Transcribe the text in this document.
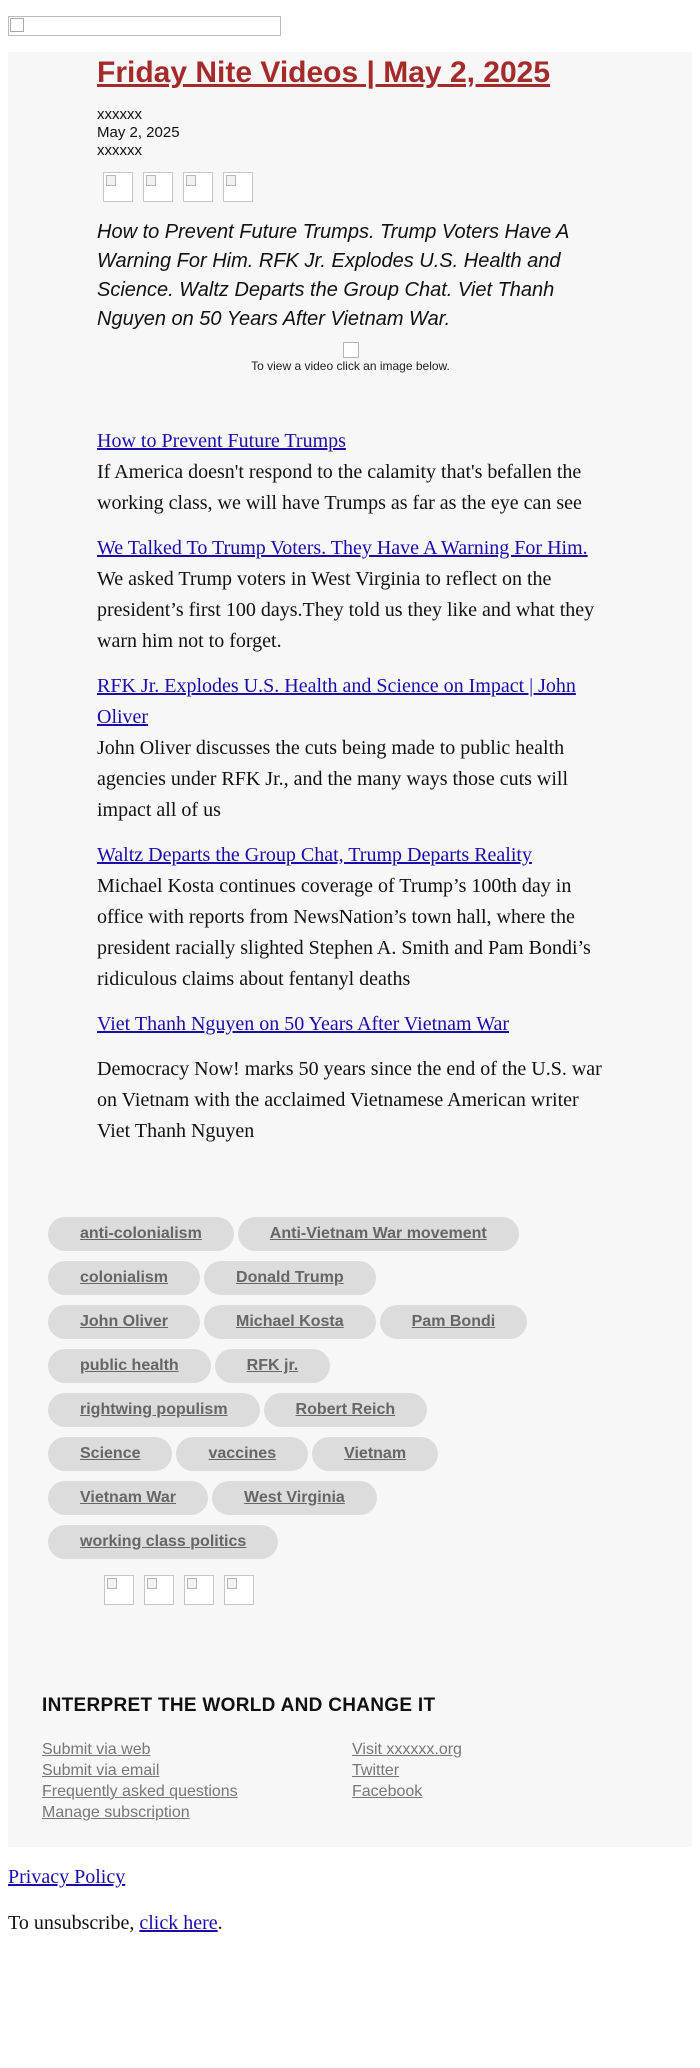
Friday Nite Videos | May 2, 2025
xxxxxx
May 2, 2025
xxxxxx

How to Prevent Future Trumps. Trump Voters Have A Warning For Him. RFK Jr. Explodes U.S. Health and Science. Waltz Departs the Group Chat. Viet Thanh Nguyen on 50 Years After Vietnam War.

To view a video click an image below.
How to Prevent Future Trumps

If America doesn't respond to the calamity that's befallen the working class, we will have Trumps as far as the eye can see

We Talked To Trump Voters. They Have A Warning For Him.

We asked Trump voters in West Virginia to reflect on the president’s first 100 days.They told us they like and what they warn him not to forget.

RFK Jr. Explodes U.S. Health and Science on Impact | John Oliver

John Oliver discusses the cuts being made to public health agencies under RFK Jr., and the many ways those cuts will impact all of us

Waltz Departs the Group Chat, Trump Departs Reality

Michael Kosta continues coverage of Trump’s 100th day in office with reports from NewsNation’s town hall, where the president racially slighted Stephen A. Smith and Pam Bondi’s ridiculous claims about fentanyl deaths

Viet Thanh Nguyen on 50 Years After Vietnam War

Democracy Now! marks 50 years since the end of the U.S. war on Vietnam with the acclaimed Vietnamese American writer Viet Thanh Nguyen

anti-colonialism	Anti-Vietnam War movement
colonialism	Donald Trump
John Oliver	Michael Kosta	Pam Bondi
public health	RFK jr.
rightwing populism	Robert Reich
Science	vaccines	Vietnam
Vietnam War	West Virginia
working class politics
INTERPRET THE WORLD AND CHANGE IT
Submit via web
Submit via email
Frequently asked questions
Manage subscription
Visit xxxxxx.org
Twitter
Facebook
Privacy Policy
To unsubscribe, click here.
